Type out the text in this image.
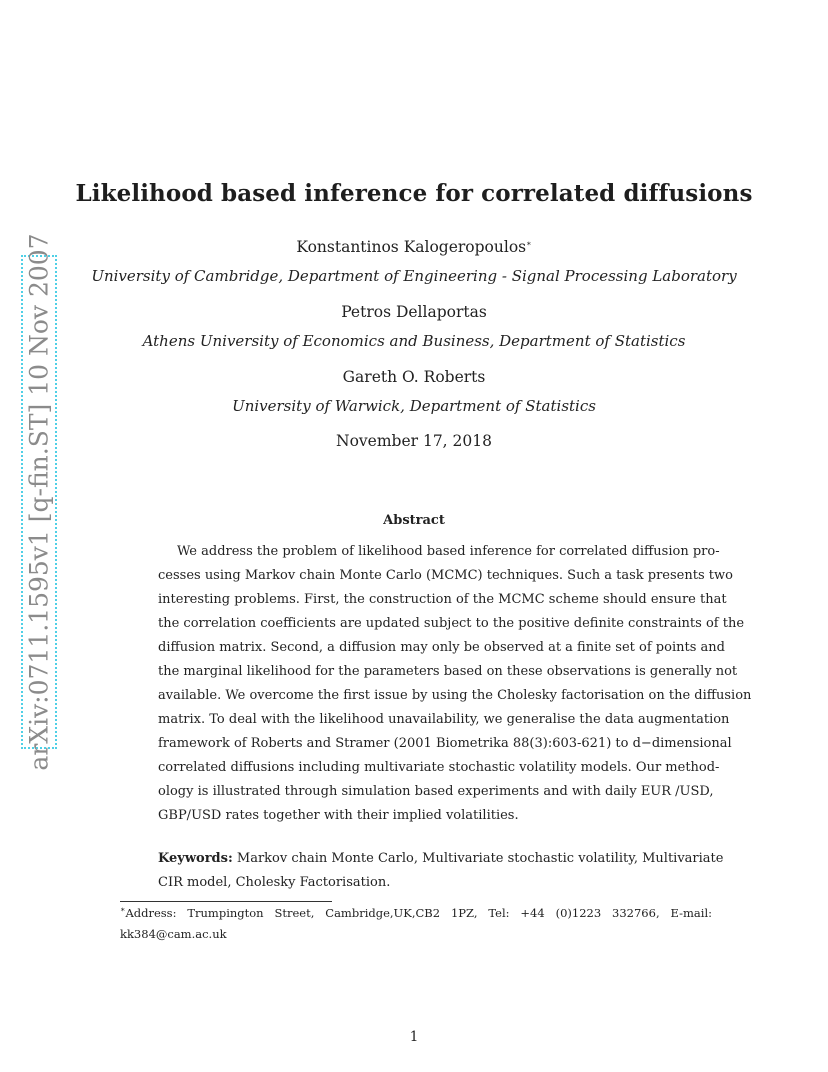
arXiv:0711.1595v1 [q-fin.ST] 10 Nov 2007
Likelihood based inference for correlated diffusions
Konstantinos Kalogeropoulos∗
University of Cambridge, Department of Engineering - Signal Processing Laboratory
Petros Dellaportas
Athens University of Economics and Business, Department of Statistics
Gareth O. Roberts
University of Warwick, Department of Statistics
November 17, 2018
Abstract
We address the problem of likelihood based inference for correlated diffusion pro-
cesses using Markov chain Monte Carlo (MCMC) techniques. Such a task presents two
interesting problems. First, the construction of the MCMC scheme should ensure that
the correlation coefficients are updated subject to the positive definite constraints of the
diffusion matrix. Second, a diffusion may only be observed at a finite set of points and
the marginal likelihood for the parameters based on these observations is generally not
available. We overcome the first issue by using the Cholesky factorisation on the diffusion
matrix. To deal with the likelihood unavailability, we generalise the data augmentation
framework of Roberts and Stramer (2001 Biometrika 88(3):603-621) to d−dimensional
correlated diffusions including multivariate stochastic volatility models. Our method-
ology is illustrated through simulation based experiments and with daily EUR /USD,
GBP/USD rates together with their implied volatilities.
Keywords: Markov chain Monte Carlo, Multivariate stochastic volatility, Multivariate
CIR model, Cholesky Factorisation.
∗Address: Trumpington Street, Cambridge,UK,CB2 1PZ, Tel: +44 (0)1223 332766, E-mail:
kk384@cam.ac.uk
1
